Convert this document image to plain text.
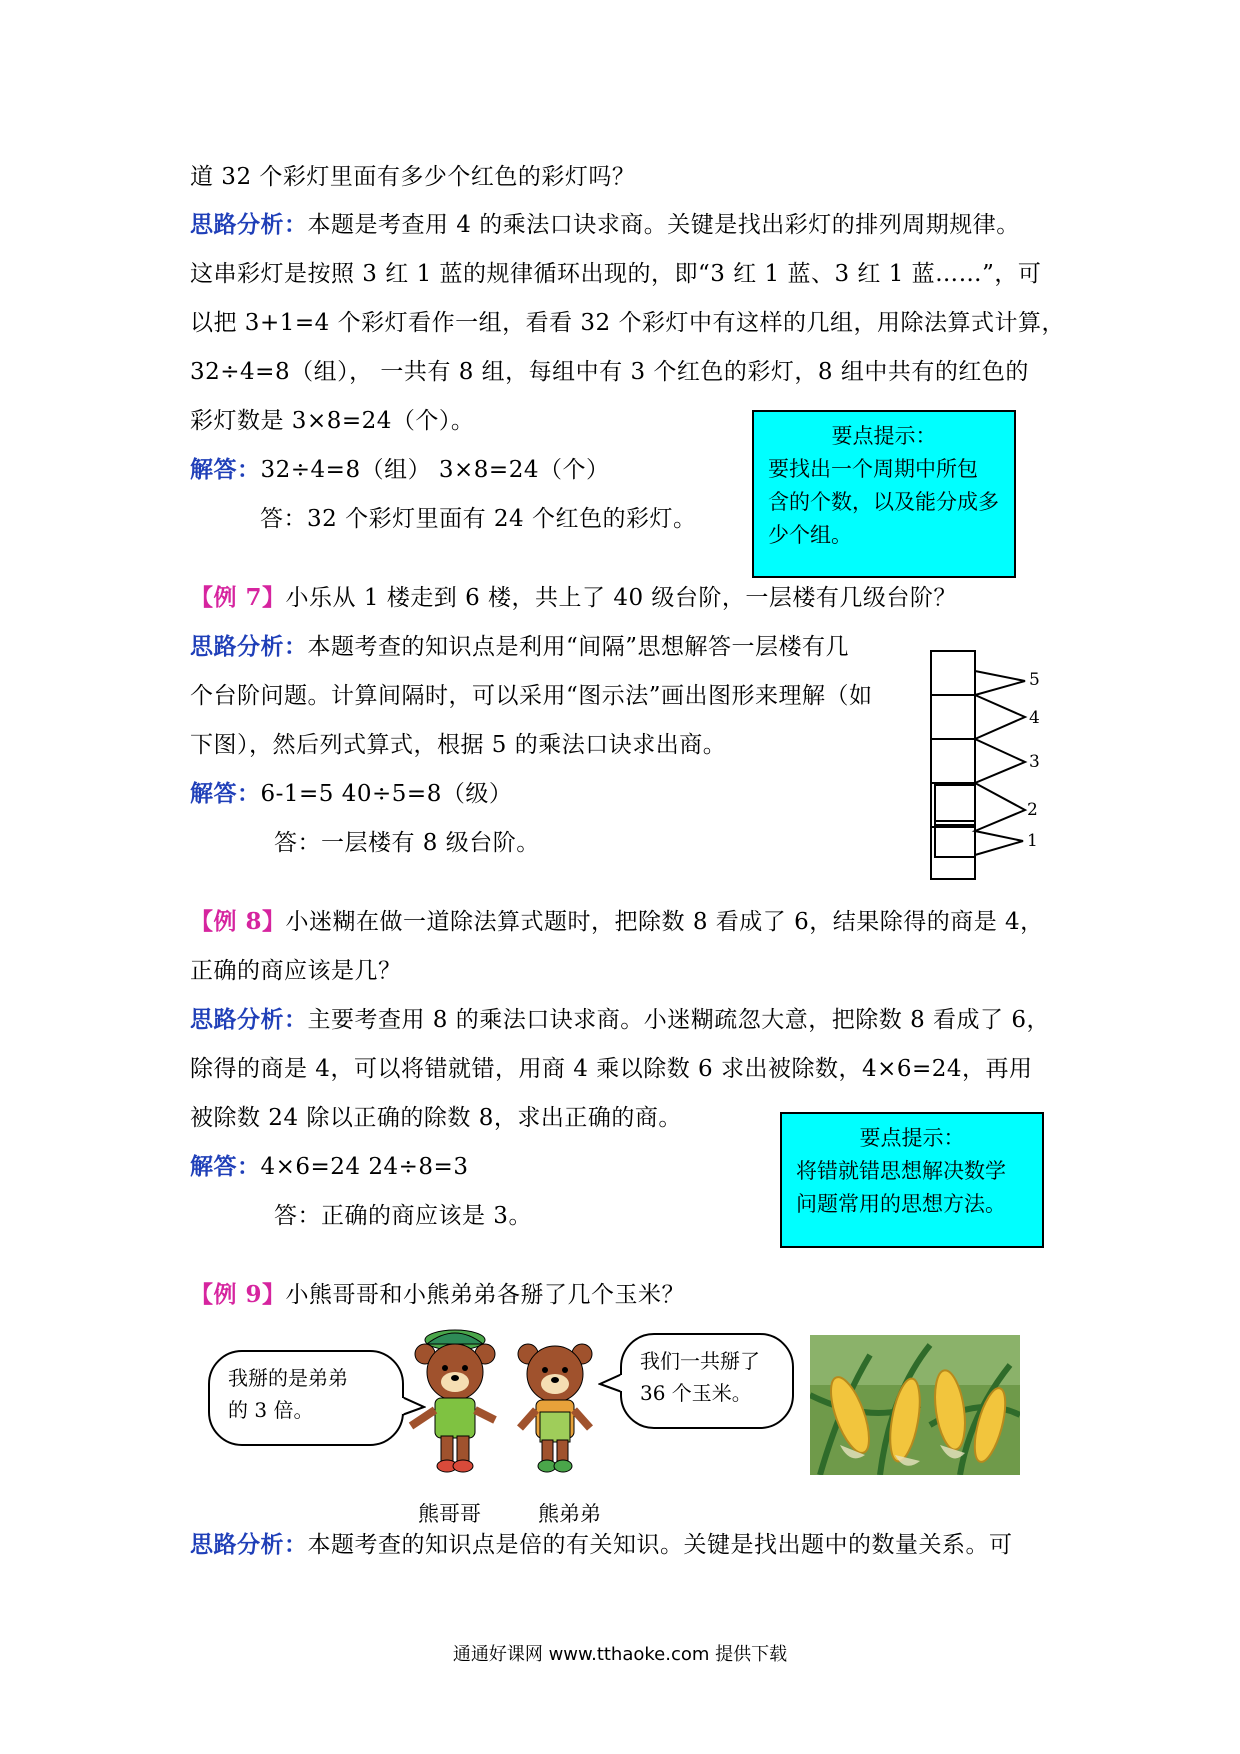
道 32 个彩灯里面有多少个红色的彩灯吗？
思路分析：本题是考查用 4 的乘法口诀求商。关键是找出彩灯的排列周期规律。
这串彩灯是按照 3 红 1 蓝的规律循环出现的，即“3 红 1 蓝、3 红 1 蓝……”，可
以把 3+1=4 个彩灯看作一组，看看 32 个彩灯中有这样的几组，用除法算式计算，
32÷4=8（组）， 一共有 8 组，每组中有 3 个红色的彩灯，8 组中共有的红色的
彩灯数是 3×8=24（个）。
解答：32÷4=8（组） 3×8=24（个）
答：32 个彩灯里面有 24 个红色的彩灯。
【例 7】小乐从 1 楼走到 6 楼，共上了 40 级台阶，一层楼有几级台阶？
思路分析：本题考查的知识点是利用“间隔”思想解答一层楼有几
个台阶问题。计算间隔时，可以采用“图示法”画出图形来理解（如
下图），然后列式算式，根据 5 的乘法口诀求出商。
解答：6-1=5 40÷5=8（级）
答：一层楼有 8 级台阶。
【例 8】小迷糊在做一道除法算式题时，把除数 8 看成了 6，结果除得的商是 4，
正确的商应该是几？
思路分析：主要考查用 8 的乘法口诀求商。小迷糊疏忽大意，把除数 8 看成了 6，
除得的商是 4，可以将错就错，用商 4 乘以除数 6 求出被除数，4×6=24，再用
被除数 24 除以正确的除数 8，求出正确的商。
解答：4×6=24 24÷8=3
答：正确的商应该是 3。
【例 9】小熊哥哥和小熊弟弟各掰了几个玉米？
思路分析：本题考查的知识点是倍的有关知识。关键是找出题中的数量关系。可
要点提示：
要找出一个周期中所包
含的个数，以及能分成多
少个组。
要点提示：
将错就错思想解决数学
问题常用的思想方法。
5
4
3
2
1
我掰的是弟弟
的 3 倍。
我们一共掰了
36 个玉米。
熊哥哥	熊弟弟
通通好课网 www.tthaoke.com 提供下载
